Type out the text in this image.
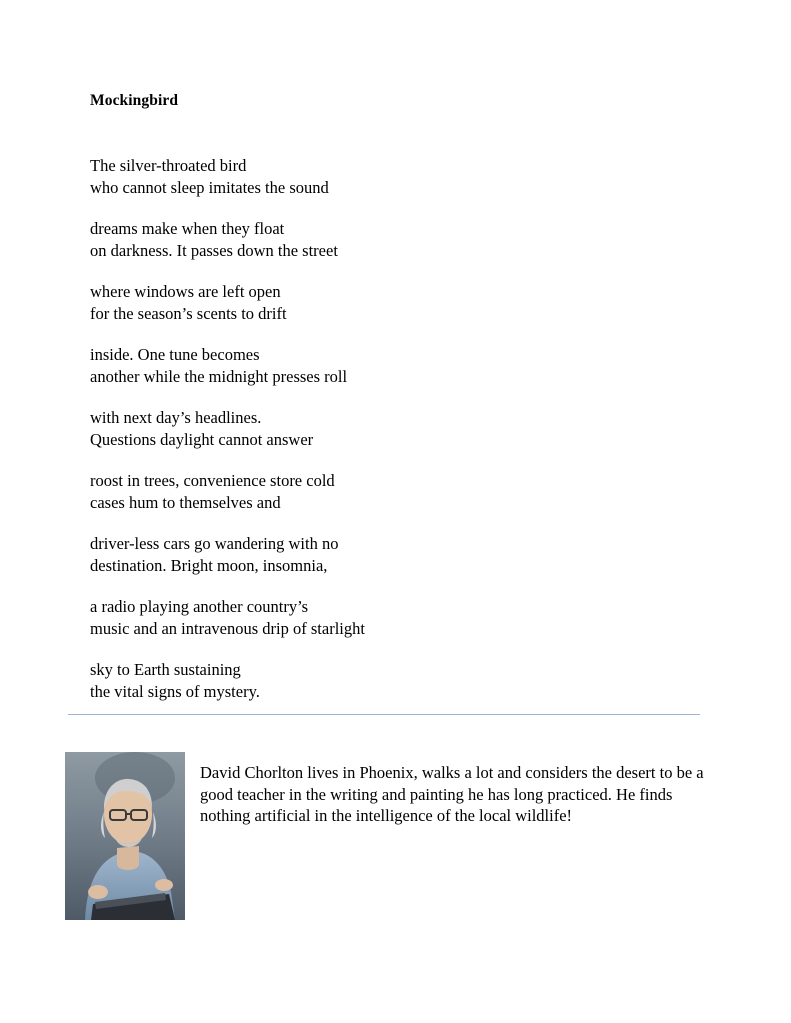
Mockingbird

The silver-throated bird
who cannot sleep imitates the sound

dreams make when they float
on darkness. It passes down the street

where windows are left open
for the season’s scents to drift

inside. One tune becomes
another while the midnight presses roll

with next day’s headlines.
Questions daylight cannot answer

roost in trees, convenience store cold
cases hum to themselves and

driver-less cars go wandering with no
destination. Bright moon, insomnia,

a radio playing another country’s
music and an intravenous drip of starlight

sky to Earth sustaining
the vital signs of mystery.

David Chorlton lives in Phoenix, walks a lot and considers the desert to be a good teacher in the writing and painting he has long practiced. He finds nothing artificial in the intelligence of the local wildlife!
